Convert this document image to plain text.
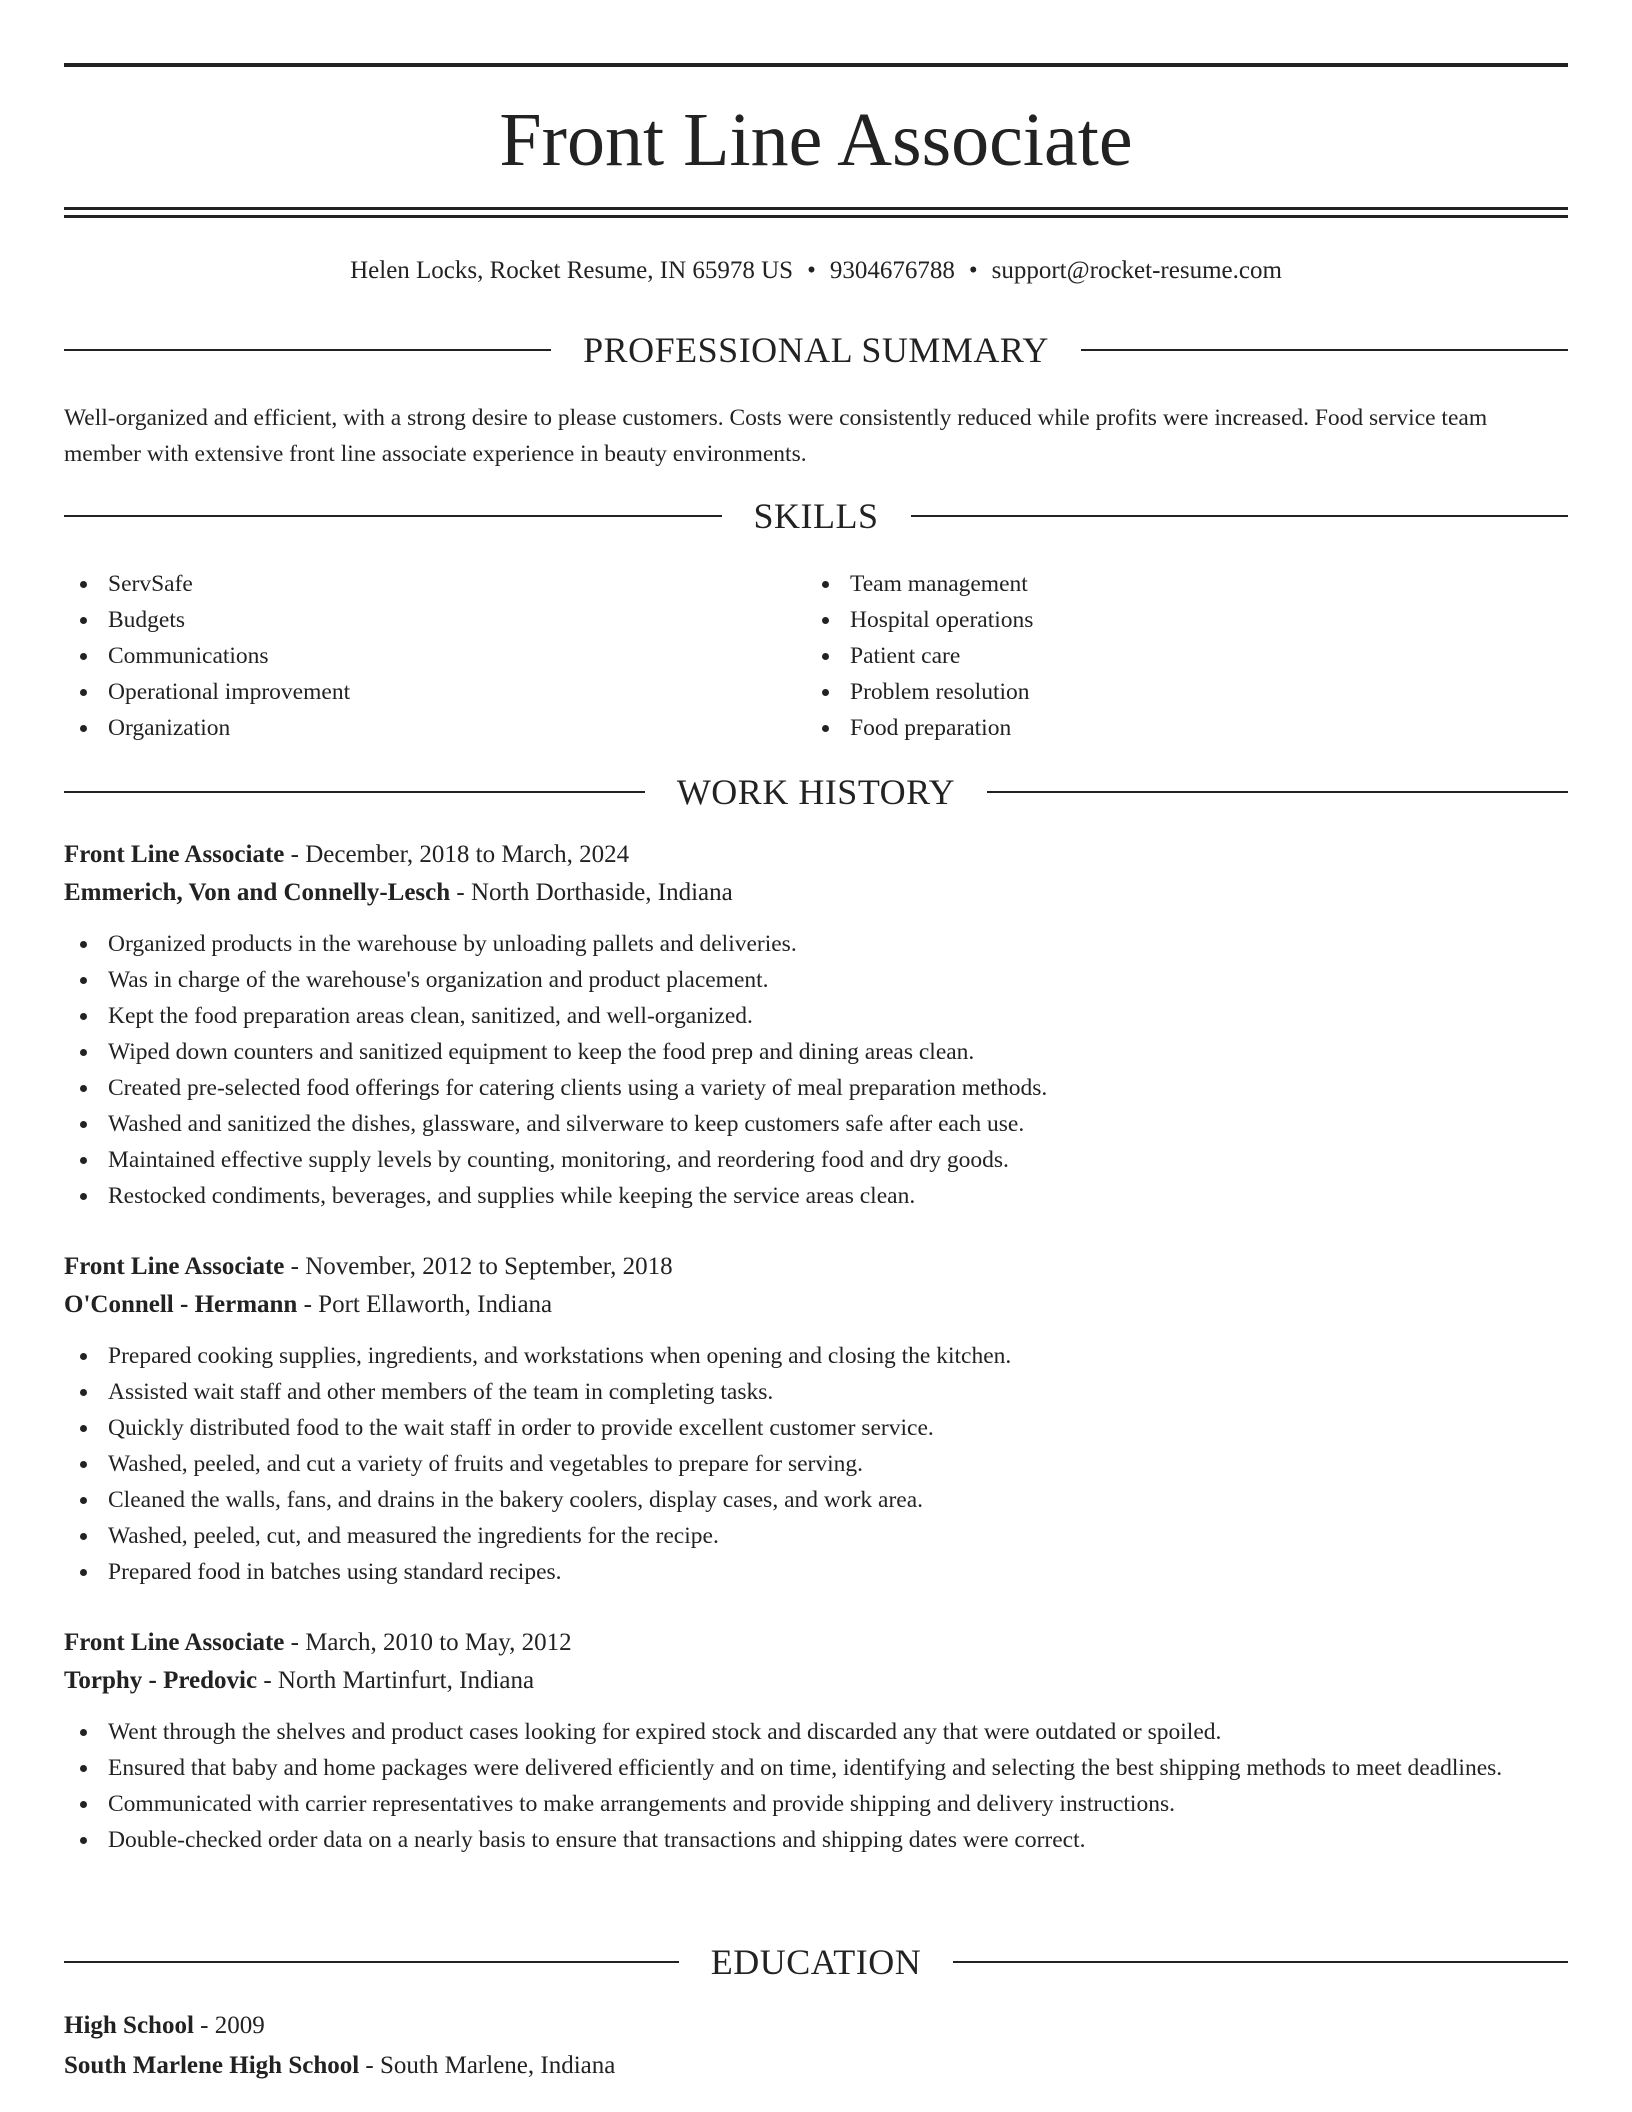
Front Line Associate
Helen Locks, Rocket Resume, IN 65978 US • 9304676788 • support@rocket-resume.com
PROFESSIONAL SUMMARY
Well-organized and efficient, with a strong desire to please customers. Costs were consistently reduced while profits were increased. Food service team member with extensive front line associate experience in beauty environments.
SKILLS
ServSafe
Budgets
Communications
Operational improvement
Organization
Team management
Hospital operations
Patient care
Problem resolution
Food preparation
WORK HISTORY
Front Line Associate - December, 2018 to March, 2024
Emmerich, Von and Connelly-Lesch - North Dorthaside, Indiana
Organized products in the warehouse by unloading pallets and deliveries.
Was in charge of the warehouse's organization and product placement.
Kept the food preparation areas clean, sanitized, and well-organized.
Wiped down counters and sanitized equipment to keep the food prep and dining areas clean.
Created pre-selected food offerings for catering clients using a variety of meal preparation methods.
Washed and sanitized the dishes, glassware, and silverware to keep customers safe after each use.
Maintained effective supply levels by counting, monitoring, and reordering food and dry goods.
Restocked condiments, beverages, and supplies while keeping the service areas clean.
Front Line Associate - November, 2012 to September, 2018
O'Connell - Hermann - Port Ellaworth, Indiana
Prepared cooking supplies, ingredients, and workstations when opening and closing the kitchen.
Assisted wait staff and other members of the team in completing tasks.
Quickly distributed food to the wait staff in order to provide excellent customer service.
Washed, peeled, and cut a variety of fruits and vegetables to prepare for serving.
Cleaned the walls, fans, and drains in the bakery coolers, display cases, and work area.
Washed, peeled, cut, and measured the ingredients for the recipe.
Prepared food in batches using standard recipes.
Front Line Associate - March, 2010 to May, 2012
Torphy - Predovic - North Martinfurt, Indiana
Went through the shelves and product cases looking for expired stock and discarded any that were outdated or spoiled.
Ensured that baby and home packages were delivered efficiently and on time, identifying and selecting the best shipping methods to meet deadlines.
Communicated with carrier representatives to make arrangements and provide shipping and delivery instructions.
Double-checked order data on a nearly basis to ensure that transactions and shipping dates were correct.
EDUCATION
High School - 2009
South Marlene High School - South Marlene, Indiana
